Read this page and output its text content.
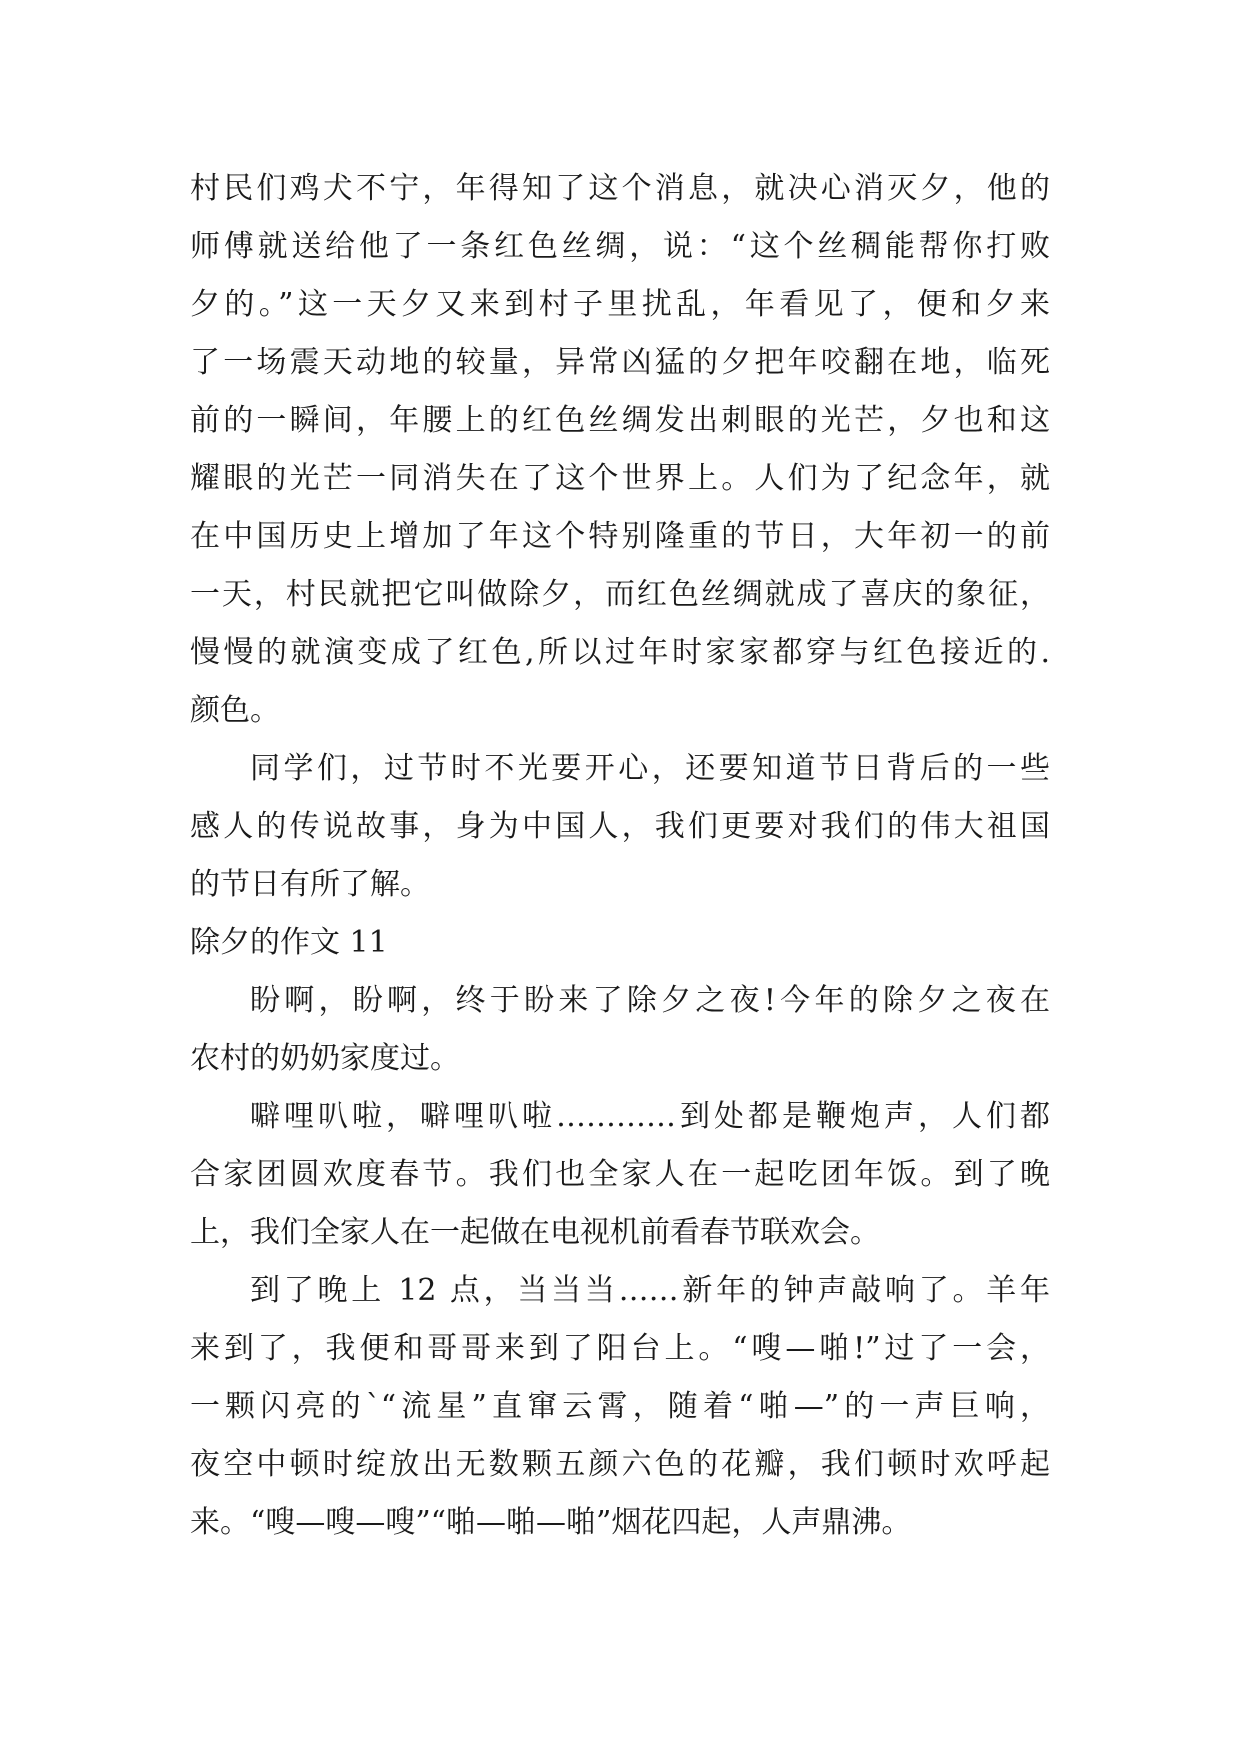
村民们鸡犬不宁，年得知了这个消息，就决心消灭夕，他的
师傅就送给他了一条红色丝绸，说：“这个丝稠能帮你打败
夕的。”这一天夕又来到村子里扰乱，年看见了，便和夕来
了一场震天动地的较量，异常凶猛的夕把年咬翻在地，临死
前的一瞬间，年腰上的红色丝绸发出刺眼的光芒，夕也和这
耀眼的光芒一同消失在了这个世界上。人们为了纪念年，就
在中国历史上增加了年这个特别隆重的节日，大年初一的前
一天，村民就把它叫做除夕，而红色丝绸就成了喜庆的象征，
慢慢的就演变成了红色,所以过年时家家都穿与红色接近的.
颜色。
同学们，过节时不光要开心，还要知道节日背后的一些
感人的传说故事，身为中国人，我们更要对我们的伟大祖国
的节日有所了解。
除夕的作文 11
盼啊，盼啊，终于盼来了除夕之夜!今年的除夕之夜在
农村的奶奶家度过。
噼哩叭啦，噼哩叭啦…………到处都是鞭炮声，人们都
合家团圆欢度春节。我们也全家人在一起吃团年饭。到了晚
上，我们全家人在一起做在电视机前看春节联欢会。
到了晚上 12 点，当当当……新年的钟声敲响了。羊年
来到了，我便和哥哥来到了阳台上。“嗖—啪!”过了一会，
一颗闪亮的`“流星”直窜云霄，随着“啪—”的一声巨响，
夜空中顿时绽放出无数颗五颜六色的花瓣，我们顿时欢呼起
来。“嗖—嗖—嗖”“啪—啪—啪”烟花四起，人声鼎沸。
